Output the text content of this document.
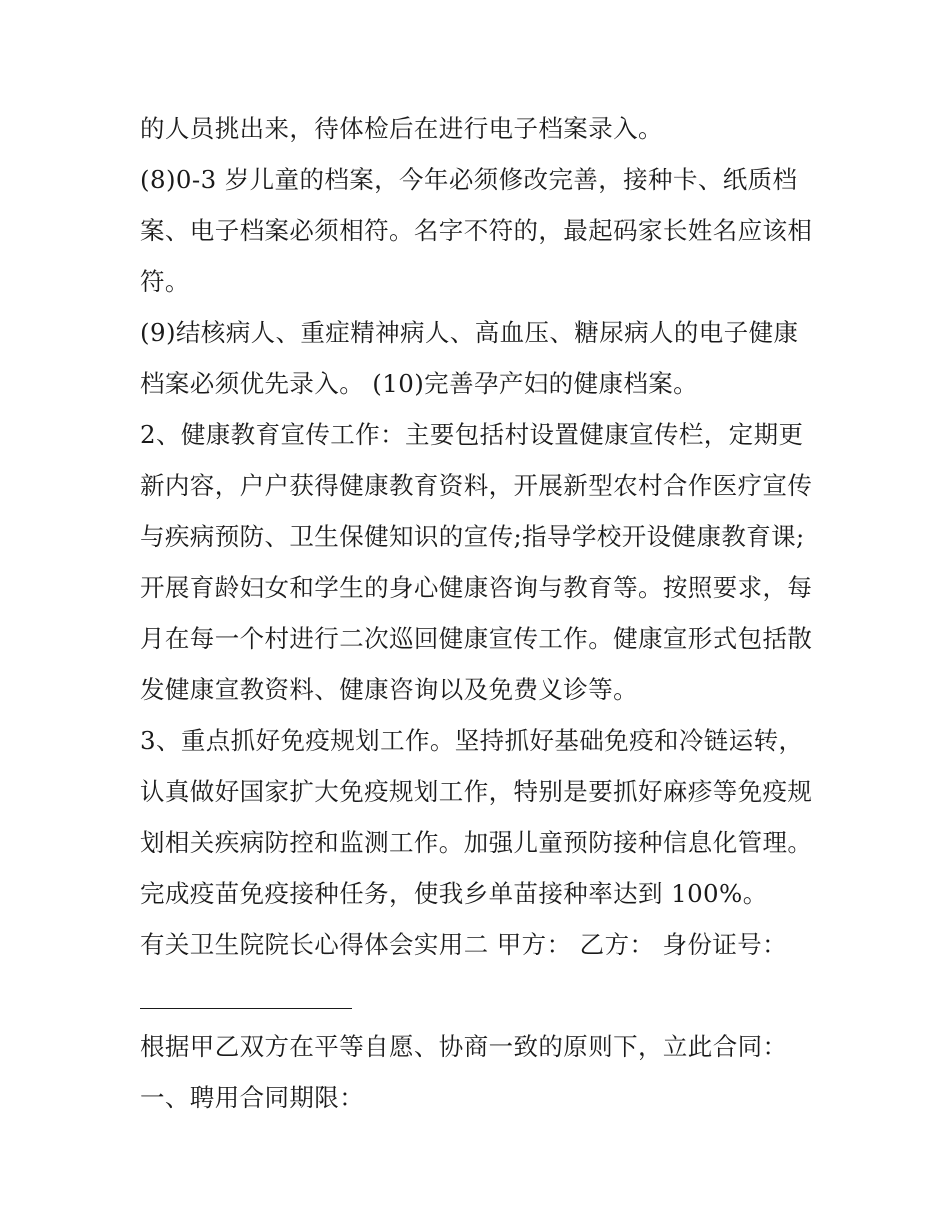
的人员挑出来，待体检后在进行电子档案录入。
(8)0-3 岁儿童的档案，今年必须修改完善，接种卡、纸质档
案、电子档案必须相符。名字不符的，最起码家长姓名应该相
符。
(9)结核病人、重症精神病人、高血压、糖尿病人的电子健康
档案必须优先录入。 (10)完善孕产妇的健康档案。
2、健康教育宣传工作：主要包括村设置健康宣传栏，定期更
新内容，户户获得健康教育资料，开展新型农村合作医疗宣传
与疾病预防、卫生保健知识的宣传;指导学校开设健康教育课;
开展育龄妇女和学生的身心健康咨询与教育等。按照要求，每
月在每一个村进行二次巡回健康宣传工作。健康宣形式包括散
发健康宣教资料、健康咨询以及免费义诊等。
3、重点抓好免疫规划工作。坚持抓好基础免疫和冷链运转，
认真做好国家扩大免疫规划工作，特别是要抓好麻疹等免疫规
划相关疾病防控和监测工作。加强儿童预防接种信息化管理。
完成疫苗免疫接种任务，使我乡单苗接种率达到 100%。
有关卫生院院长心得体会实用二 甲方： 乙方： 身份证号：
根据甲乙双方在平等自愿、协商一致的原则下，立此合同：
一、聘用合同期限：
